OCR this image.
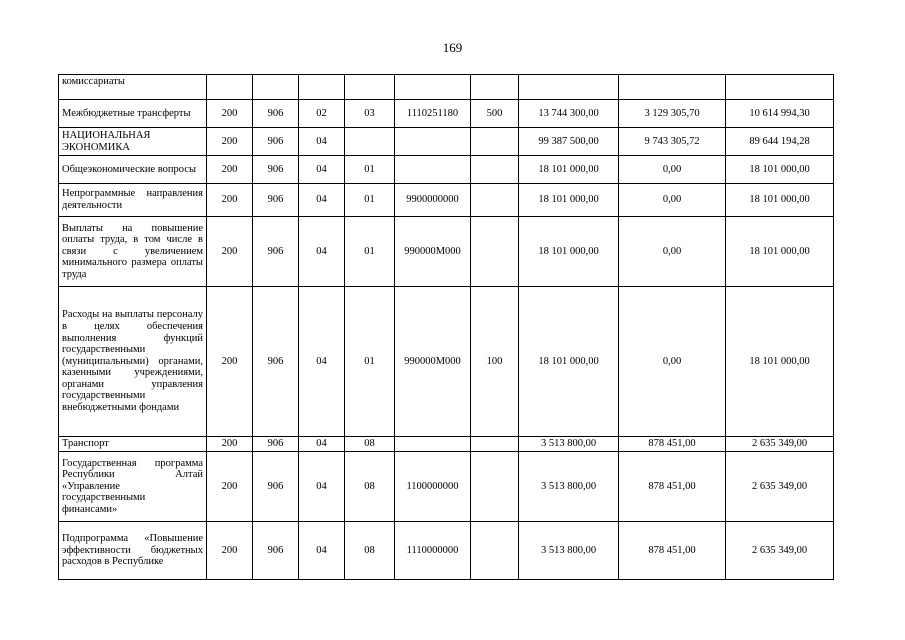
169
комиссариаты									
Межбюджетные трансферты	200	906	02	03	1110251180	500	13 744 300,00	3 129 305,70	10 614 994,30
НАЦИОНАЛЬНАЯ ЭКОНОМИКА	200	906	04				99 387 500,00	9 743 305,72	89 644 194,28
Общеэкономические вопросы	200	906	04	01			18 101 000,00	0,00	18 101 000,00
Непрограммные направления деятельности	200	906	04	01	9900000000		18 101 000,00	0,00	18 101 000,00
Выплаты на повышение оплаты труда, в том числе в связи с увеличением минимального размера оплаты труда	200	906	04	01	990000М000		18 101 000,00	0,00	18 101 000,00
Расходы на выплаты персоналу в целях обеспечения выполнения функций государственными (муниципальными) органами, казенными учреждениями, органами управления государственными внебюджетными фондами	200	906	04	01	990000М000	100	18 101 000,00	0,00	18 101 000,00
Транспорт	200	906	04	08			3 513 800,00	878 451,00	2 635 349,00
Государственная программа Республики Алтай «Управление государственными финансами»	200	906	04	08	1100000000		3 513 800,00	878 451,00	2 635 349,00
Подпрограмма «Повышение эффективности бюджетных расходов в Республике	200	906	04	08	1110000000		3 513 800,00	878 451,00	2 635 349,00
